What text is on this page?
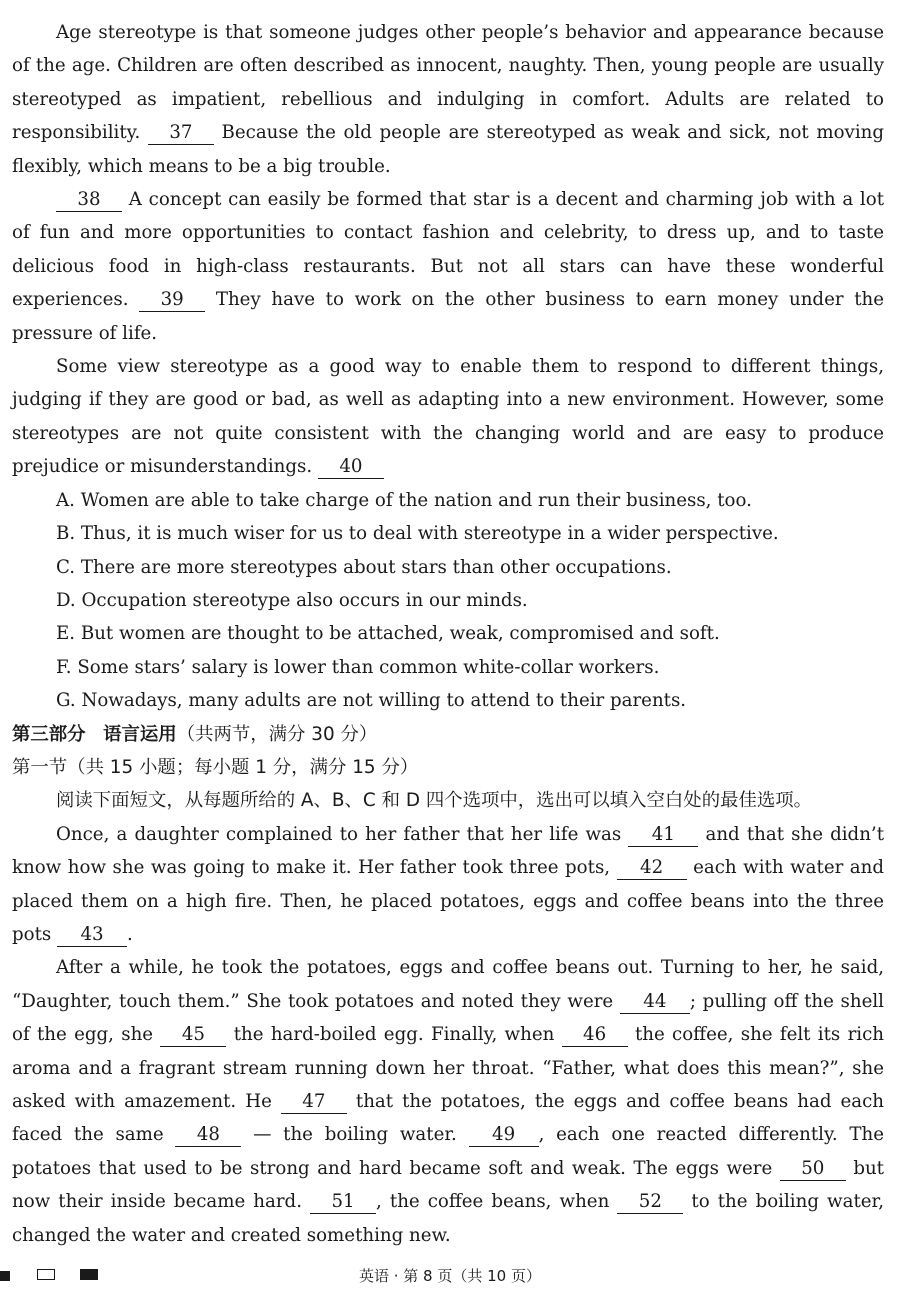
Age stereotype is that someone judges other people’s behavior and appearance because of the age. Children are often described as innocent, naughty. Then, young people are usually stereotyped as impatient, rebellious and indulging in comfort. Adults are related to responsibility. 37 Because the old people are stereotyped as weak and sick, not moving flexibly, which means to be a big trouble.

38 A concept can easily be formed that star is a decent and charming job with a lot of fun and more opportunities to contact fashion and celebrity, to dress up, and to taste delicious food in high-class restaurants. But not all stars can have these wonderful experiences. 39 They have to work on the other business to earn money under the pressure of life.

Some view stereotype as a good way to enable them to respond to different things, judging if they are good or bad, as well as adapting into a new environment. However, some stereotypes are not quite consistent with the changing world and are easy to produce prejudice or misunderstandings. 40

A. Women are able to take charge of the nation and run their business, too.

B. Thus, it is much wiser for us to deal with stereotype in a wider perspective.

C. There are more stereotypes about stars than other occupations.

D. Occupation stereotype also occurs in our minds.

E. But women are thought to be attached, weak, compromised and soft.

F. Some stars’ salary is lower than common white-collar workers.

G. Nowadays, many adults are not willing to attend to their parents.

第三部分 语言运用（共两节，满分 30 分）

第一节（共 15 小题；每小题 1 分，满分 15 分）

阅读下面短文，从每题所给的 A、B、C 和 D 四个选项中，选出可以填入空白处的最佳选项。

Once, a daughter complained to her father that her life was 41 and that she didn’t know how she was going to make it. Her father took three pots, 42 each with water and placed them on a high fire. Then, he placed potatoes, eggs and coffee beans into the three pots 43 .

After a while, he took the potatoes, eggs and coffee beans out. Turning to her, he said, “Daughter, touch them.” She took potatoes and noted they were 44 ; pulling off the shell of the egg, she 45 the hard-boiled egg. Finally, when 46 the coffee, she felt its rich aroma and a fragrant stream running down her throat. “Father, what does this mean?”, she asked with amazement. He 47 that the potatoes, the eggs and coffee beans had each faced the same 48 — the boiling water. 49 , each one reacted differently. The potatoes that used to be strong and hard became soft and weak. The eggs were 50 but now their inside became hard. 51 , the coffee beans, when 52 to the boiling water, changed the water and created something new.

英语 · 第 8 页（共 10 页）
